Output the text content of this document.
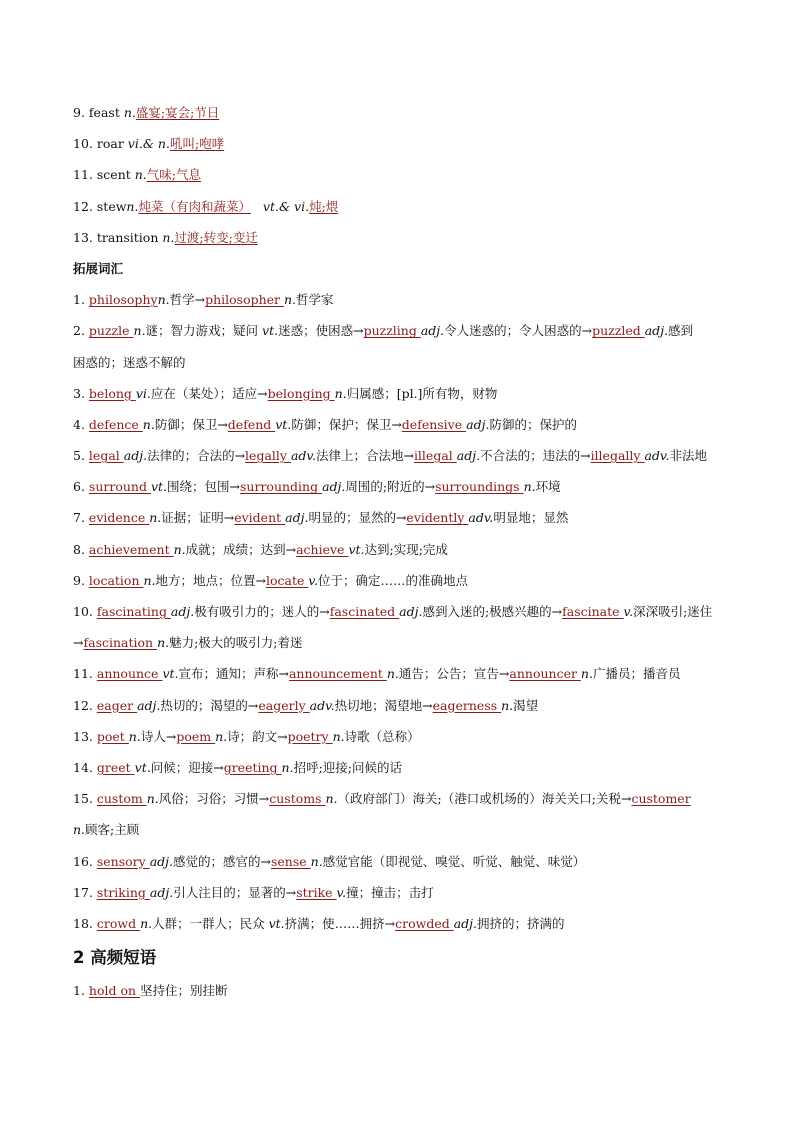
9. feast n.盛宴;宴会;节日
10. roar vi.& n.吼叫;咆哮
11. scent n.气味;气息
12. stewn.炖菜（有肉和蔬菜） vt.& vi.炖;煨
13. transition n.过渡;转变;变迁
拓展词汇
1. philosophyn.哲学→philosopher n.哲学家
2. puzzle n.谜；智力游戏；疑问 vt.迷惑；使困惑→puzzling adj.令人迷惑的；令人困惑的→puzzled adj.感到
困惑的；迷惑不解的
3. belong vi.应在（某处）；适应→belonging n.归属感；[pl.]所有物，财物
4. defence n.防御；保卫→defend vt.防御；保护；保卫→defensive adj.防御的；保护的
5. legal adj.法律的；合法的→legally adv.法律上；合法地→illegal adj.不合法的；违法的→illegally adv.非法地
6. surround vt.围绕；包围→surrounding adj.周围的;附近的→surroundings n.环境
7. evidence n.证据；证明→evident adj.明显的；显然的→evidently adv.明显地；显然
8. achievement n.成就；成绩；达到→achieve vt.达到;实现;完成
9. location n.地方；地点；位置→locate v.位于；确定……的准确地点
10. fascinating adj.极有吸引力的；迷人的→fascinated adj.感到入迷的;极感兴趣的→fascinate v.深深吸引;迷住
→fascination n.魅力;极大的吸引力;着迷
11. announce vt.宣布；通知；声称→announcement n.通告；公告；宣告→announcer n.广播员；播音员
12. eager adj.热切的；渴望的→eagerly adv.热切地；渴望地→eagerness n.渴望
13. poet n.诗人→poem n.诗；韵文→poetry n.诗歌（总称）
14. greet vt.问候；迎接→greeting n.招呼;迎接;问候的话
15. custom n.风俗；习俗；习惯→customs n.（政府部门）海关;（港口或机场的）海关关口;关税→customer
n.顾客;主顾
16. sensory adj.感觉的；感官的→sense n.感觉官能（即视觉、嗅觉、听觉、触觉、味觉）
17. striking adj.引人注目的；显著的→strike v.撞；撞击；击打
18. crowd n.人群；一群人；民众 vt.挤满；使……拥挤→crowded adj.拥挤的；挤满的
2 高频短语
1. hold on 坚持住；别挂断
